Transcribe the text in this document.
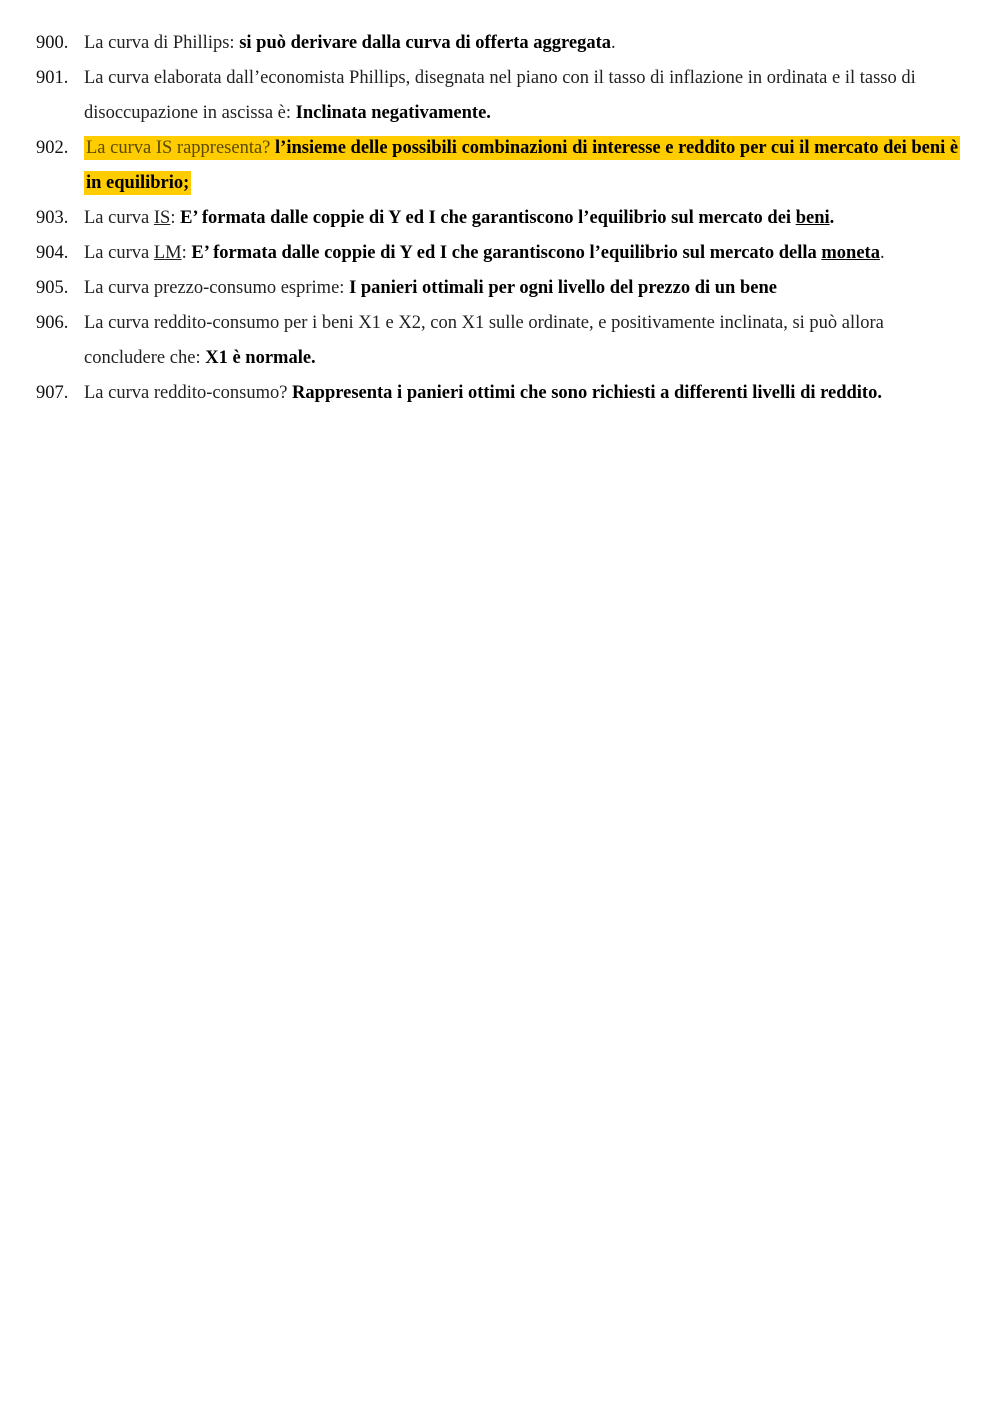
900. La curva di Phillips: si può derivare dalla curva di offerta aggregata.
901. La curva elaborata dall’economista Phillips, disegnata nel piano con il tasso di inflazione in ordinata e il tasso di disoccupazione in ascissa è: Inclinata negativamente.
902. La curva IS rappresenta? l’insieme delle possibili combinazioni di interesse e reddito per cui il mercato dei beni è in equilibrio;
903. La curva IS: E’ formata dalle coppie di Y ed I che garantiscono l’equilibrio sul mercato dei beni.
904. La curva LM: E’ formata dalle coppie di Y ed I che garantiscono l’equilibrio sul mercato della moneta.
905. La curva prezzo-consumo esprime: I panieri ottimali per ogni livello del prezzo di un bene
906. La curva reddito-consumo per i beni X1 e X2, con X1 sulle ordinate, e positivamente inclinata, si può allora concludere che: X1 è normale.
907. La curva reddito-consumo? Rappresenta i panieri ottimi che sono richiesti a differenti livelli di reddito.
